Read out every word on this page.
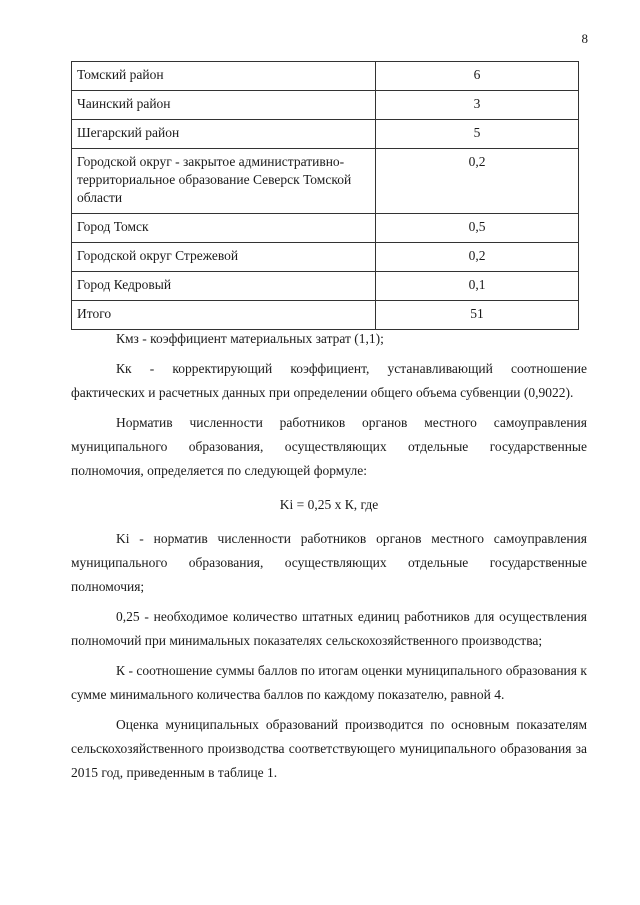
8
Томский район	6
Чаинский район	3
Шегарский район	5
Городской округ - закрытое административно-территориальное образование Северск Томской области	0,2
Город Томск	0,5
Городской округ Стрежевой	0,2
Город Кедровый	0,1
Итого	51

Кмз - коэффициент материальных затрат (1,1);

Кк - корректирующий коэффициент, устанавливающий соотношение фактических и расчетных данных при определении общего объема субвенции (0,9022).

Норматив численности работников органов местного самоуправления муниципального образования, осуществляющих отдельные государственные полномочия, определяется по следующей формуле:

Ki = 0,25 х К, где

Ki - норматив численности работников органов местного самоуправления муниципального образования, осуществляющих отдельные государственные полномочия;

0,25 - необходимое количество штатных единиц работников для осуществления полномочий при минимальных показателях сельскохозяйственного производства;

К - соотношение суммы баллов по итогам оценки муниципального образования к сумме минимального количества баллов по каждому показателю, равной 4.

Оценка муниципальных образований производится по основным показателям сельскохозяйственного производства соответствующего муниципального образования за 2015 год, приведенным в таблице 1.
